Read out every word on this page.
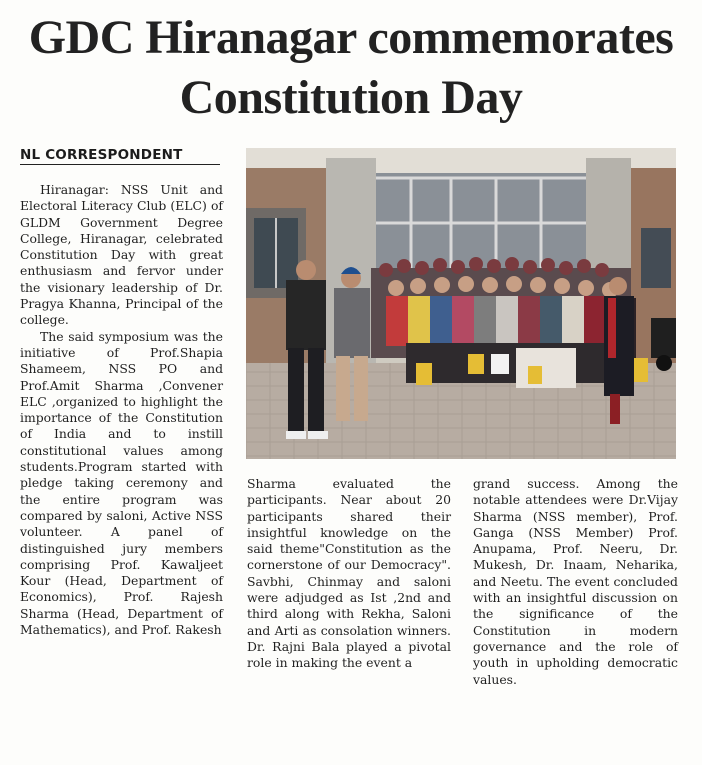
GDC Hiranagar commemorates
Constitution Day
NL CORRESPONDENT

Hiranagar: NSS Unit and Electoral Literacy Club (ELC) of GLDM Government Degree College, Hiranagar, celebrated Constitution Day with great enthusiasm and fervor under the visionary leadership of Dr. Pragya Khanna, Principal of the college.

The said symposium was the initiative of Prof.Shapia Shameem, NSS PO and Prof.Amit Sharma ,Convener ELC ,organized to highlight the importance of the Constitution of India and to instill constitutional values among students.Program started with pledge taking ceremony and the entire program was compared by saloni, Active NSS volunteer. A panel of distinguished jury members comprising Prof. Kawaljeet Kour (Head, Department of Economics), Prof. Rajesh Sharma (Head, Department of Mathematics), and Prof. Rakesh

Sharma evaluated the participants. Near about 20 participants shared their insightful knowledge on the said theme"Constitution as the cornerstone of our Democracy". Savbhi, Chinmay and saloni were adjudged as Ist ,2nd and third along with Rekha, Saloni and Arti as consolation winners. Dr. Rajni Bala played a pivotal role in making the event a

grand success. Among the notable attendees were Dr.Vijay Sharma (NSS member), Prof. Ganga (NSS Member) Prof. Anupama, Prof. Neeru, Dr. Mukesh, Dr. Inaam, Neharika, and Neetu. The event concluded with an insightful discussion on the significance of the Constitution in modern governance and the role of youth in upholding democratic values.
